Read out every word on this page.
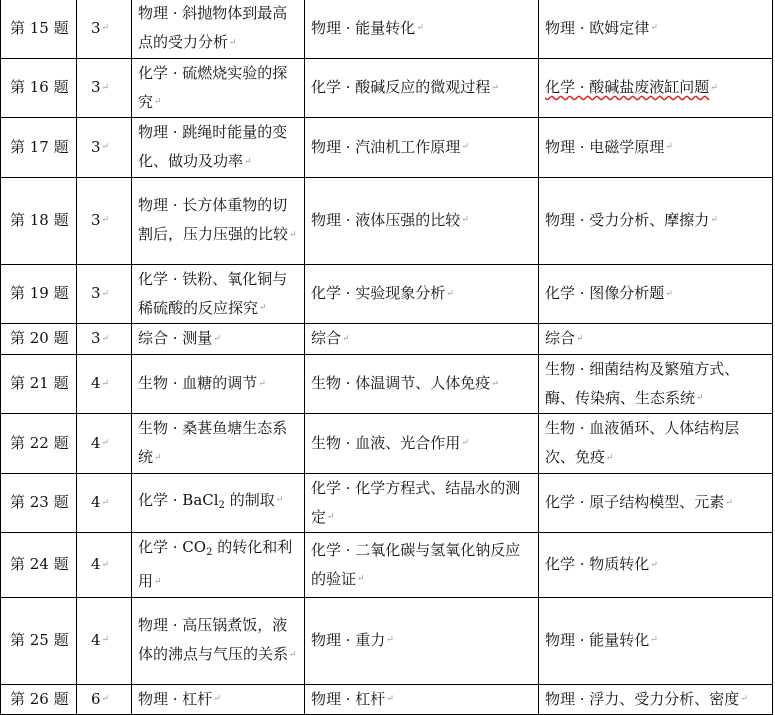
第 15 题	3↵	物理 · 斜抛物体到最高点的受力分析↵	物理 · 能量转化↵	物理 · 欧姆定律↵
第 16 题	3↵	化学 · 硫燃烧实验的探究↵	化学 · 酸碱反应的微观过程↵	化学 · 酸碱盐废液缸问题↵
第 17 题	3↵	物理 · 跳绳时能量的变化、做功及功率↵	物理 · 汽油机工作原理↵	物理 · 电磁学原理↵
第 18 题	3↵	物理 · 长方体重物的切割后，压力压强的比较↵	物理 · 液体压强的比较↵	物理 · 受力分析、摩擦力↵
第 19 题	3↵	化学 · 铁粉、氧化铜与稀硫酸的反应探究↵	化学 · 实验现象分析↵	化学 · 图像分析题↵
第 20 题	3↵	综合 · 测量↵	综合↵	综合↵
第 21 题	4↵	生物 · 血糖的调节↵	生物 · 体温调节、人体免疫↵	生物 · 细菌结构及繁殖方式、酶、传染病、生态系统↵
第 22 题	4↵	生物 · 桑葚鱼塘生态系统↵	生物 · 血液、光合作用↵	生物 · 血液循环、人体结构层次、免疫↵
第 23 题	4↵	化学 · BaCl$_2$ 的制取↵	化学 · 化学方程式、结晶水的测定↵	化学 · 原子结构模型、元素↵
第 24 题	4↵	化学 · $CO_2$ 的转化和利用↵	化学 · 二氧化碳与氢氧化钠反应的验证↵	化学 · 物质转化↵
第 25 题	4↵	物理 · 高压锅煮饭，液体的沸点与气压的关系↵	物理 · 重力↵	物理 · 能量转化↵
第 26 题	6↵	物理 · 杠杆↵	物理 · 杠杆↵	物理 · 浮力、受力分析、密度↵
